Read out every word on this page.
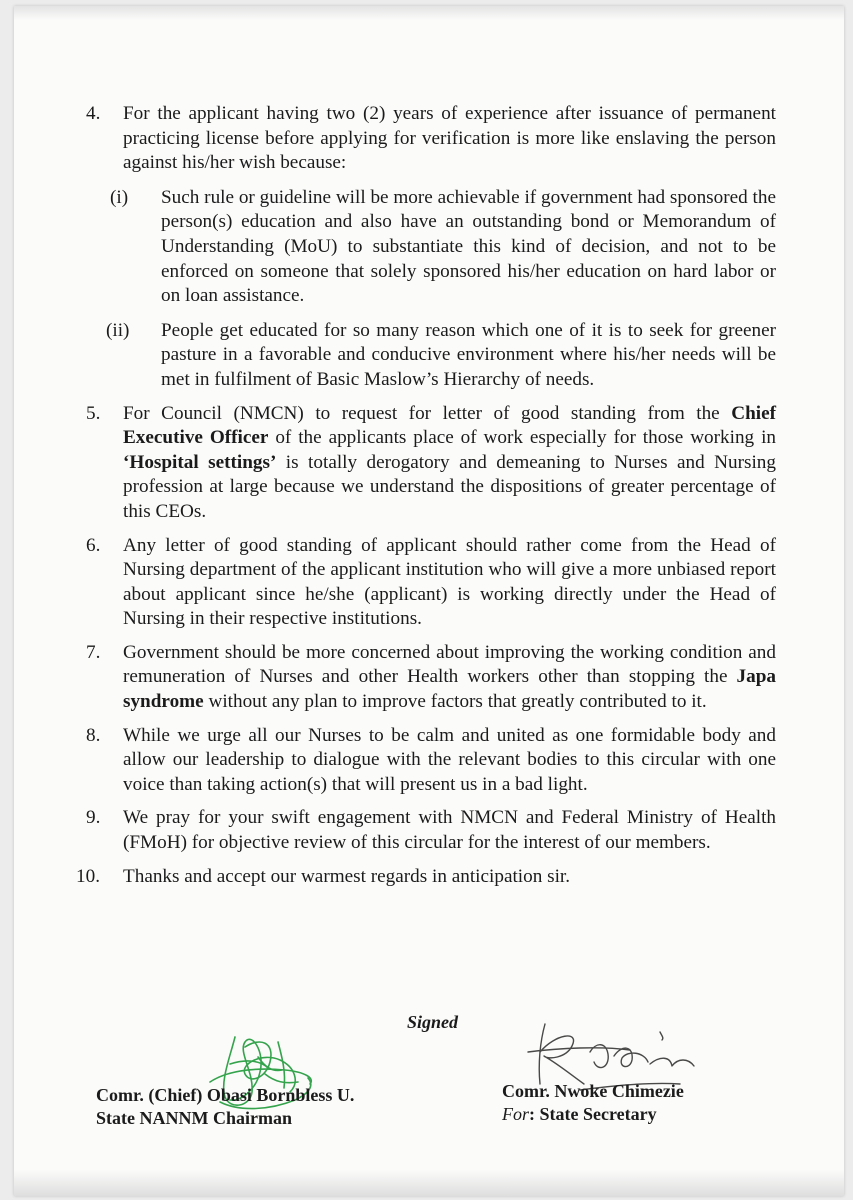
4. For the applicant having two (2) years of experience after issuance of permanent practicing license before applying for verification is more like enslaving the person against his/her wish because:
(i) Such rule or guideline will be more achievable if government had sponsored the person(s) education and also have an outstanding bond or Memorandum of Understanding (MoU) to substantiate this kind of decision, and not to be enforced on someone that solely sponsored his/her education on hard labor or on loan assistance.
(ii) People get educated for so many reason which one of it is to seek for greener pasture in a favorable and conducive environment where his/her needs will be met in fulfilment of Basic Maslow’s Hierarchy of needs.
5. For Council (NMCN) to request for letter of good standing from the Chief Executive Officer of the applicants place of work especially for those working in ‘Hospital settings’ is totally derogatory and demeaning to Nurses and Nursing profession at large because we understand the dispositions of greater percentage of this CEOs.
6. Any letter of good standing of applicant should rather come from the Head of Nursing department of the applicant institution who will give a more unbiased report about applicant since he/she (applicant) is working directly under the Head of Nursing in their respective institutions.
7. Government should be more concerned about improving the working condition and remuneration of Nurses and other Health workers other than stopping the Japa syndrome without any plan to improve factors that greatly contributed to it.
8. While we urge all our Nurses to be calm and united as one formidable body and allow our leadership to dialogue with the relevant bodies to this circular with one voice than taking action(s) that will present us in a bad light.
9. We pray for your swift engagement with NMCN and Federal Ministry of Health (FMoH) for objective review of this circular for the interest of our members.
10. Thanks and accept our warmest regards in anticipation sir.
Signed
Comr. (Chief) Obasi Bornbless U.
State NANNM Chairman
Comr. Nwoke Chimezie
For: State Secretary
